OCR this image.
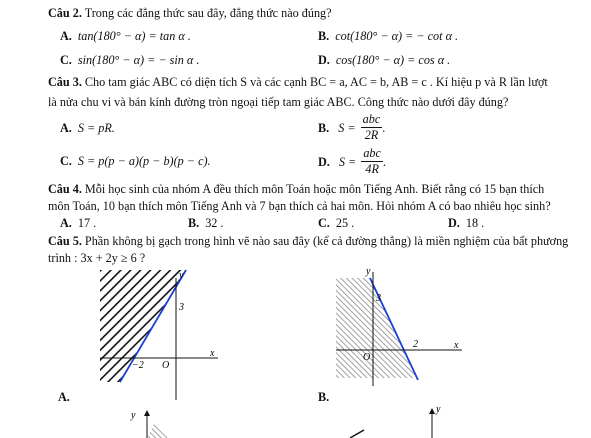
Câu 2. Trong các đẳng thức sau đây, đẳng thức nào đúng?
A. tan(180° − α) = tan α .	B. cot(180° − α) = − cot α .
C. sin(180° − α) = − sin α .	D. cos(180° − α) = cos α .
Câu 3. Cho tam giác ABC có diện tích S và các cạnh BC = a, AC = b, AB = c . Kí hiệu p và R lần lượt
là nửa chu vi và bán kính đường tròn ngoại tiếp tam giác ABC. Công thức nào dưới đây đúng?
A. S = pR.	B. S =
abc
2R .
C. S = p(p − a)(p − b)(p − c).	D. S =
abc
4R .
Câu 4. Mỗi học sinh của nhóm A đều thích môn Toán hoặc môn Tiếng Anh. Biết rằng có 15 bạn thích
môn Toán, 10 bạn thích môn Tiếng Anh và 7 bạn thích cả hai môn. Hỏi nhóm A có bao nhiêu học sinh?
A. 17 .	B. 32 .	C. 25 .	D. 18 .
Câu 5. Phần không bị gạch trong hình vẽ nào sau đây (kể cả đường thẳng) là miền nghiệm của bất phương
trình : 3x + 2y ≥ 6 ?
y
x
3
−2 O
A.
y
x
3
2
O
B.
y
y
